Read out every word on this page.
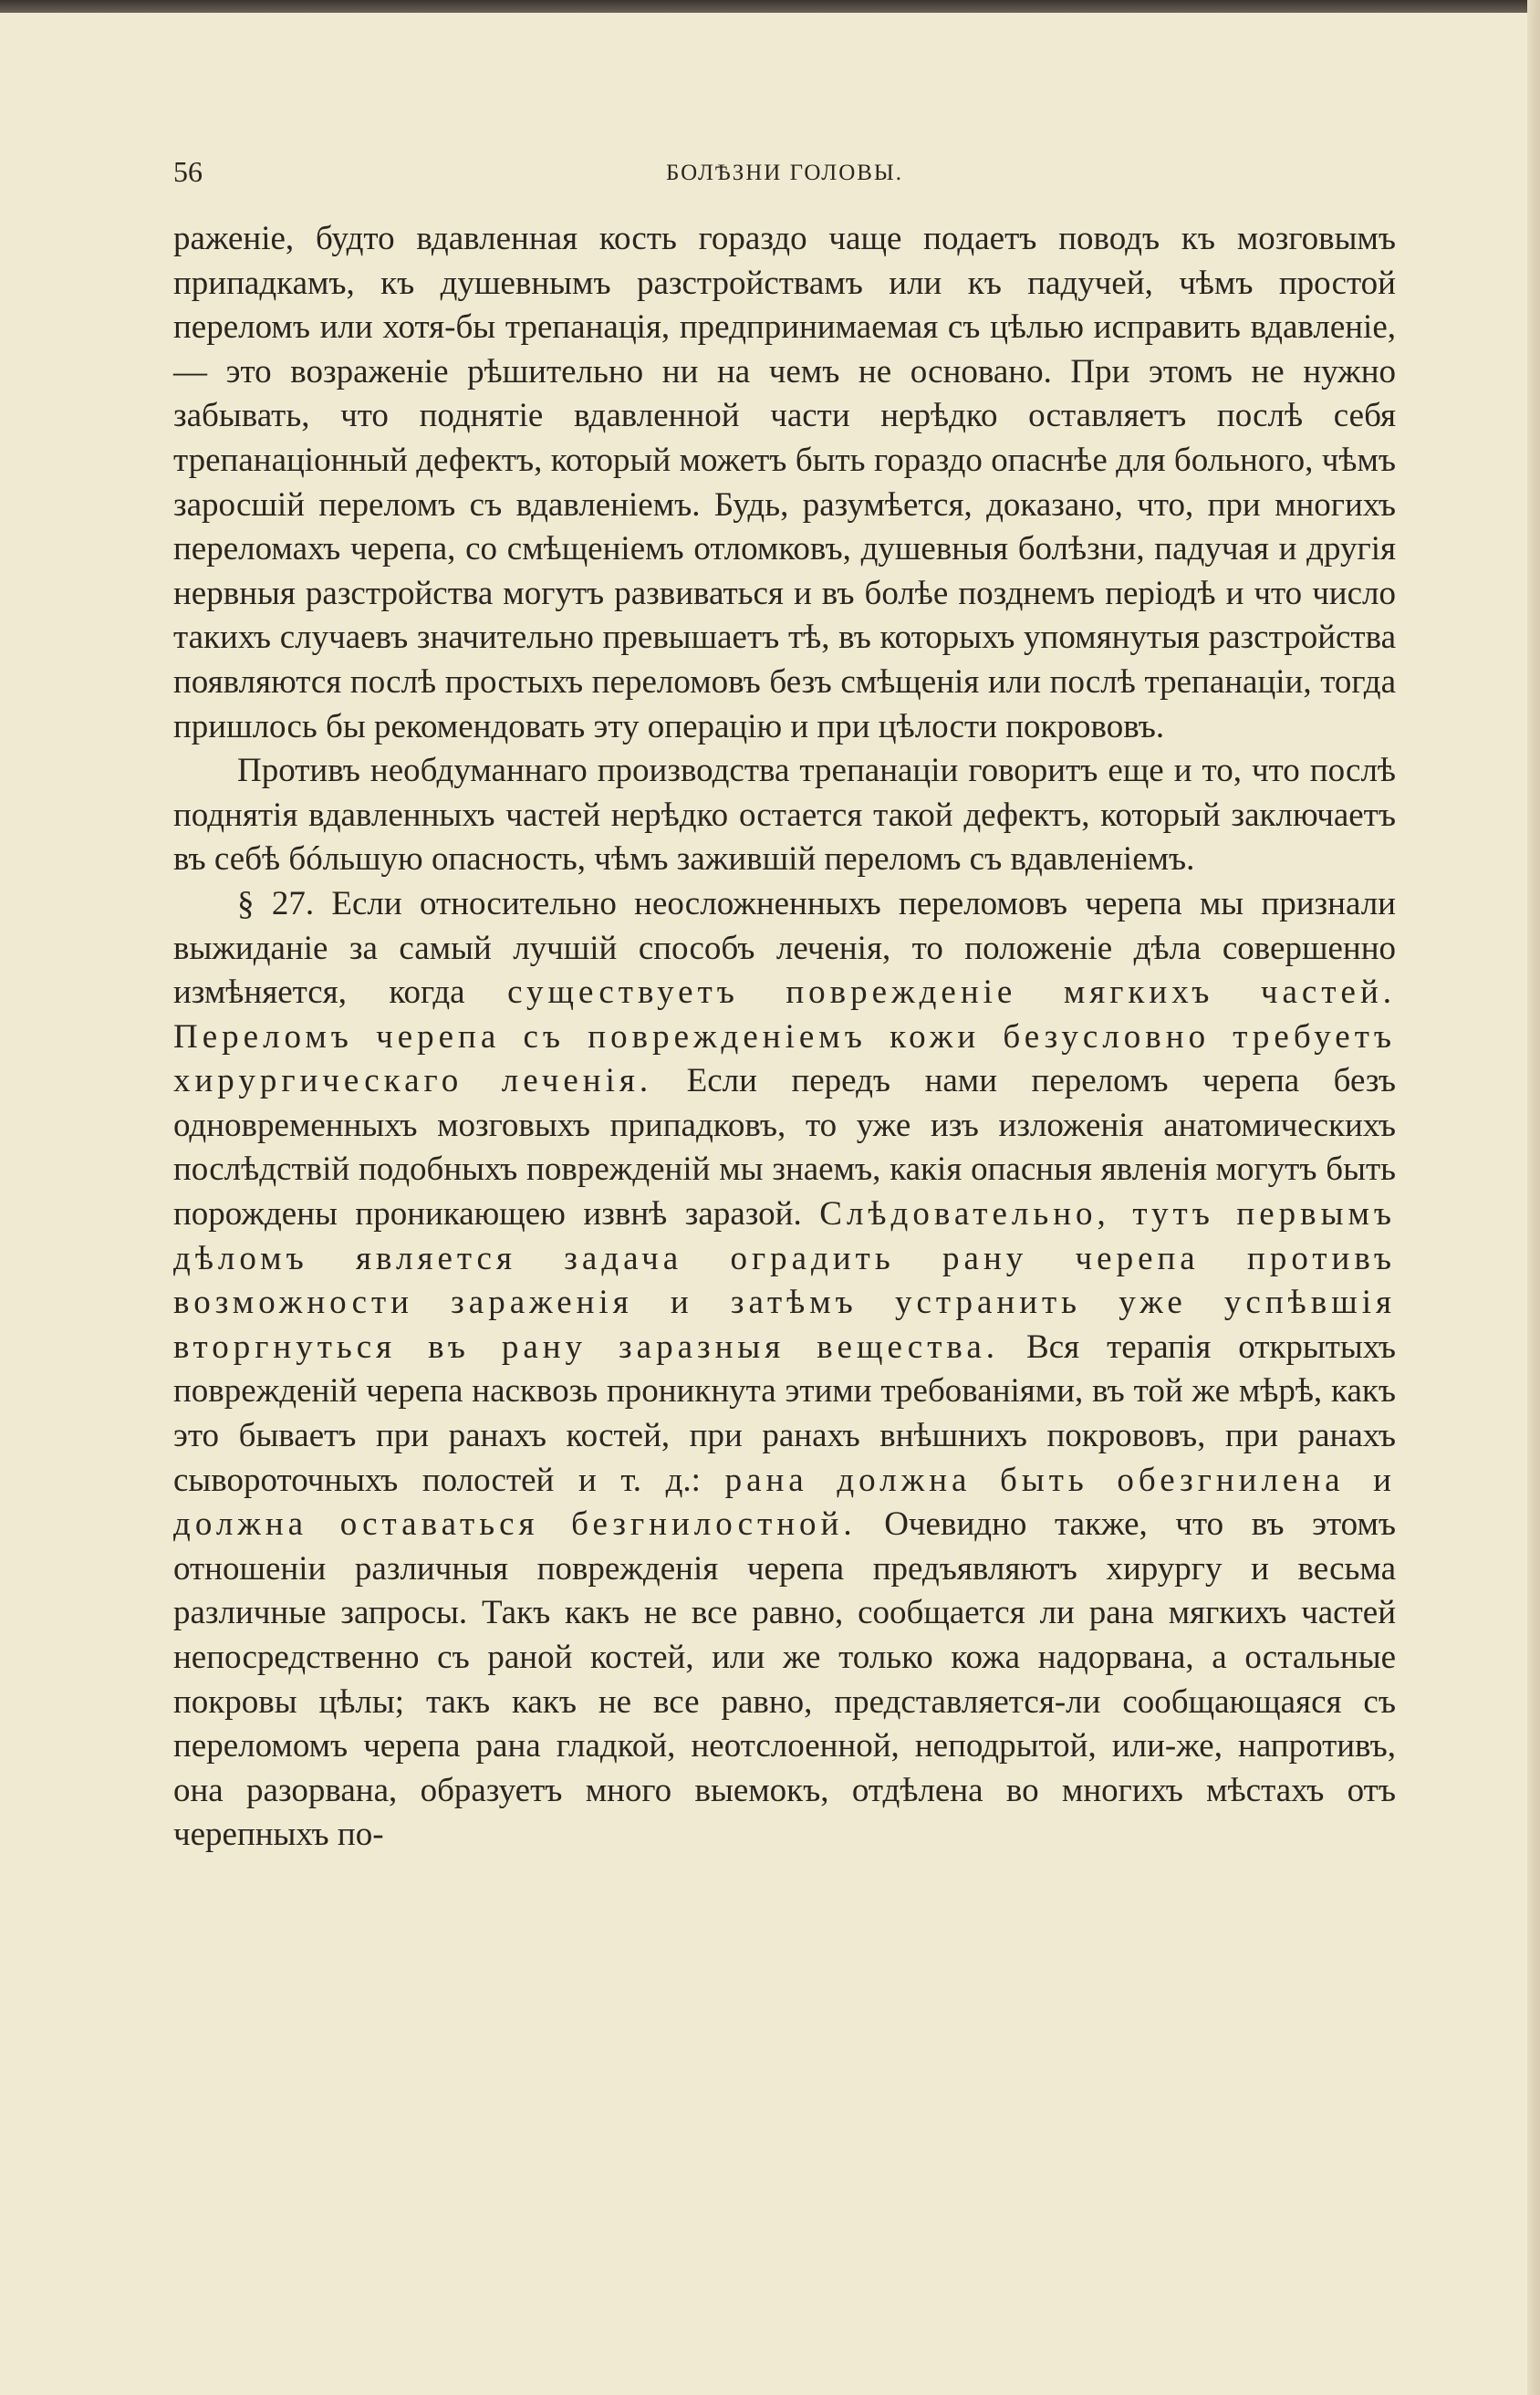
56	БОЛѢЗНИ ГОЛОВЫ.

раженіе, будто вдавленная кость гораздо чаще подаетъ поводъ къ мозговымъ припадкамъ, къ душевнымъ разстройствамъ или къ падучей, чѣмъ простой переломъ или хотя-бы трепанація, предпринимаемая съ цѣлью исправить вдавленіе, — это возраженіе рѣшительно ни на чемъ не основано. При этомъ не нужно забывать, что поднятіе вдавленной части нерѣдко оставляетъ послѣ себя трепанаціонный дефектъ, который можетъ быть гораздо опаснѣе для больного, чѣмъ заросшій переломъ съ вдавленіемъ. Будь, разумѣется, доказано, что, при многихъ переломахъ черепа, со смѣщеніемъ отломковъ, душевныя болѣзни, падучая и другія нервныя разстройства могутъ развиваться и въ болѣе позднемъ періодѣ и что число такихъ случаевъ значительно превышаетъ тѣ, въ которыхъ упомянутыя разстройства появляются послѣ простыхъ переломовъ безъ смѣщенія или послѣ трепанаціи, тогда пришлось бы рекомендовать эту операцію и при цѣлости покрововъ.

Противъ необдуманнаго производства трепанаціи говоритъ еще и то, что послѣ поднятія вдавленныхъ частей нерѣдко остается такой дефектъ, который заключаетъ въ себѣ бóльшую опасность, чѣмъ зажившій переломъ съ вдавленіемъ.

§ 27. Если относительно неосложненныхъ переломовъ черепа мы признали выжиданіе за самый лучшій способъ леченія, то положеніе дѣла совершенно измѣняется, когда существуетъ повреждeніе мягкихъ частей. Переломъ черепа съ повреждeніемъ кожи безусловно требуетъ хирургическаго леченія. Если передъ нами переломъ черепа безъ одновременныхъ мозговыхъ припадковъ, то уже изъ изложенія анатомическихъ послѣдствій подобныхъ повреждeній мы знаемъ, какія опасныя явленія могутъ быть порождены проникающею извнѣ заразой. Слѣдовательно, тутъ первымъ дѣломъ является задача оградить рану черепа противъ возможности зараженія и затѣмъ устранить уже успѣвшія вторгнуться въ рану заразныя вещества. Вся терапія открытыхъ повреждeній черепа насквозь проникнута этими требованіями, въ той же мѣрѣ, какъ это бываетъ при ранахъ костей, при ранахъ внѣшнихъ покрововъ, при ранахъ сывороточныхъ полостей и т. д.: рана должна быть обезгнилена и должна оставаться безгнилостной. Очевидно также, что въ этомъ отношеніи различныя повреждeнія черепа предъявляютъ хирургу и весьма различные запросы. Такъ какъ не все равно, сообщается ли рана мягкихъ частей непосредственно съ раной костей, или же только кожа надорвана, а остальные покровы цѣлы; такъ какъ не все равно, представляется-ли сообщающаяся съ переломомъ черепа рана гладкой, неотслоенной, неподрытой, или-же, напротивъ, она разорвана, образуетъ много выемокъ, отдѣлена во многихъ мѣстахъ отъ черепныхъ по-
